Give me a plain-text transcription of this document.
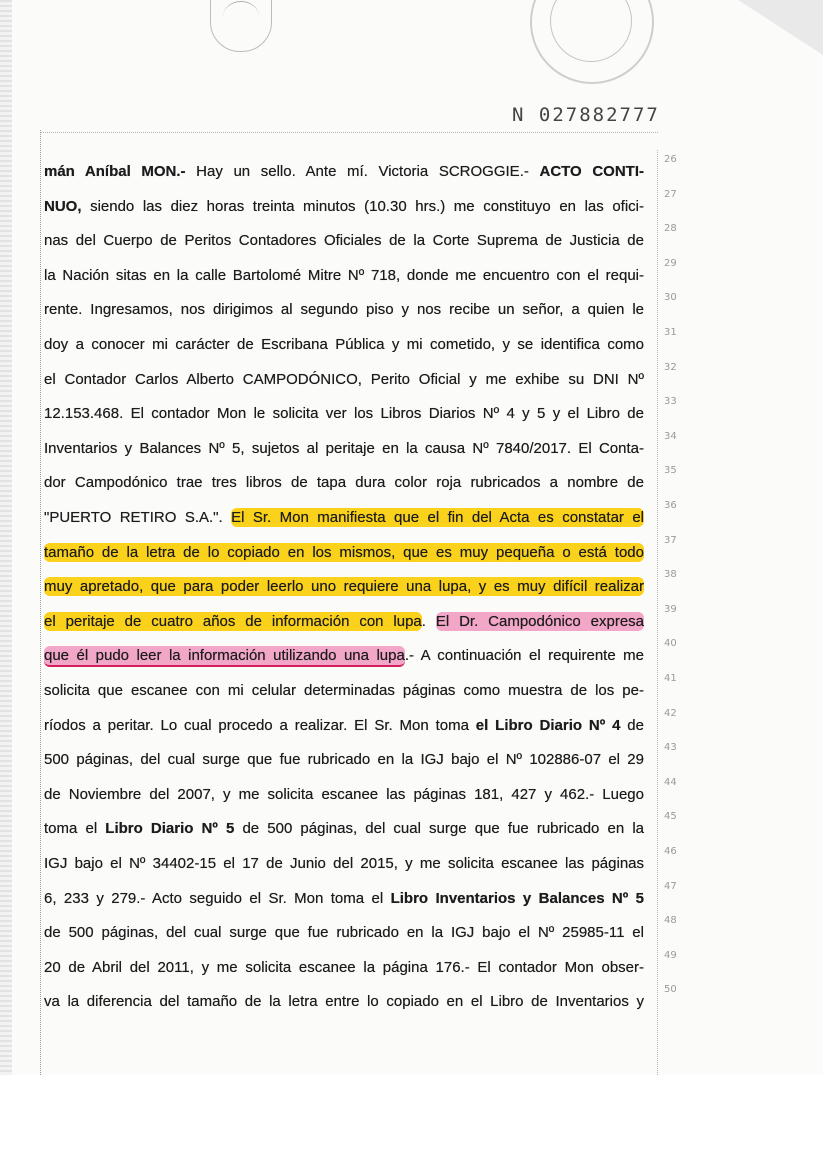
N 027882777
mán Aníbal MON.- Hay un sello. Ante mí. Victoria SCROGGIE.- ACTO CONTI-
26
NUO, siendo las diez horas treinta minutos (10.30 hrs.) me constituyo en las ofici-
27
nas del Cuerpo de Peritos Contadores Oficiales de la Corte Suprema de Justicia de
28
la Nación sitas en la calle Bartolomé Mitre Nº 718, donde me encuentro con el requi-
29
rente. Ingresamos, nos dirigimos al segundo piso y nos recibe un señor, a quien le
30
doy a conocer mi carácter de Escribana Pública y mi cometido, y se identifica como
31
el Contador Carlos Alberto CAMPODÓNICO, Perito Oficial y me exhibe su DNI Nº
32
12.153.468. El contador Mon le solicita ver los Libros Diarios Nº 4 y 5 y el Libro de
33
Inventarios y Balances Nº 5, sujetos al peritaje en la causa Nº 7840/2017. El Conta-
34
dor Campodónico trae tres libros de tapa dura color roja rubricados a nombre de
35
"PUERTO RETIRO S.A.". El Sr. Mon manifiesta que el fin del Acta es constatar el
36
tamaño de la letra de lo copiado en los mismos, que es muy pequeña o está todo
37
muy apretado, que para poder leerlo uno requiere una lupa, y es muy difícil realizar
38
el peritaje de cuatro años de información con lupa. El Dr. Campodónico expresa
39
que él pudo leer la información utilizando una lupa.- A continuación el requirente me
40
solicita que escanee con mi celular determinadas páginas como muestra de los pe-
41
ríodos a peritar. Lo cual procedo a realizar. El Sr. Mon toma el Libro Diario Nº 4 de
42
500 páginas, del cual surge que fue rubricado en la IGJ bajo el Nº 102886-07 el 29
43
de Noviembre del 2007, y me solicita escanee las páginas 181, 427 y 462.- Luego
44
toma el Libro Diario Nº 5 de 500 páginas, del cual surge que fue rubricado en la
45
IGJ bajo el Nº 34402-15 el 17 de Junio del 2015, y me solicita escanee las páginas
46
6, 233 y 279.- Acto seguido el Sr. Mon toma el Libro Inventarios y Balances Nº 5
47
de 500 páginas, del cual surge que fue rubricado en la IGJ bajo el Nº 25985-11 el
48
20 de Abril del 2011, y me solicita escanee la página 176.- El contador Mon obser-
49
va la diferencia del tamaño de la letra entre lo copiado en el Libro de Inventarios y
50
